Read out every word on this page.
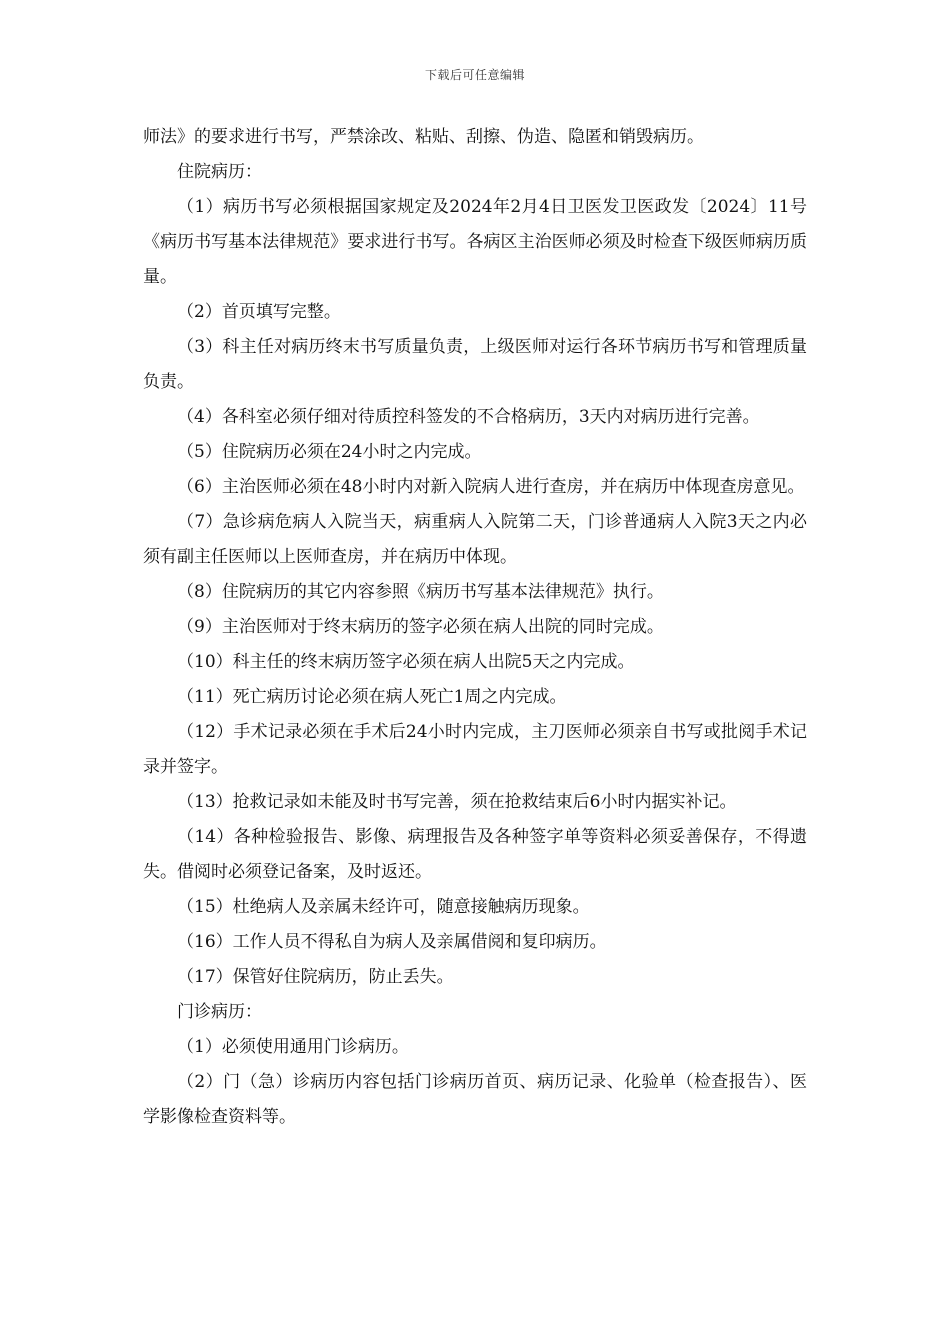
下载后可任意编辑

师法》的要求进行书写，严禁涂改、粘贴、刮擦、伪造、隐匿和销毁病历。

住院病历：

（1）病历书写必须根据国家规定及2024年2月4日卫医发卫医政发〔2024〕11号《病历书写基本法律规范》要求进行书写。各病区主治医师必须及时检查下级医师病历质量。

（2）首页填写完整。

（3）科主任对病历终末书写质量负责，上级医师对运行各环节病历书写和管理质量负责。

（4）各科室必须仔细对待质控科签发的不合格病历，3天内对病历进行完善。

（5）住院病历必须在24小时之内完成。

（6）主治医师必须在48小时内对新入院病人进行查房，并在病历中体现查房意见。

（7）急诊病危病人入院当天，病重病人入院第二天，门诊普通病人入院3天之内必须有副主任医师以上医师查房，并在病历中体现。

（8）住院病历的其它内容参照《病历书写基本法律规范》执行。

（9）主治医师对于终末病历的签字必须在病人出院的同时完成。

（10）科主任的终末病历签字必须在病人出院5天之内完成。

（11）死亡病历讨论必须在病人死亡1周之内完成。

（12）手术记录必须在手术后24小时内完成，主刀医师必须亲自书写或批阅手术记录并签字。

（13）抢救记录如未能及时书写完善，须在抢救结束后6小时内据实补记。

（14）各种检验报告、影像、病理报告及各种签字单等资料必须妥善保存，不得遗失。借阅时必须登记备案，及时返还。

（15）杜绝病人及亲属未经许可，随意接触病历现象。

（16）工作人员不得私自为病人及亲属借阅和复印病历。

（17）保管好住院病历，防止丢失。

门诊病历：

（1）必须使用通用门诊病历。

（2）门（急）诊病历内容包括门诊病历首页、病历记录、化验单（检查报告）、医学影像检查资料等。
